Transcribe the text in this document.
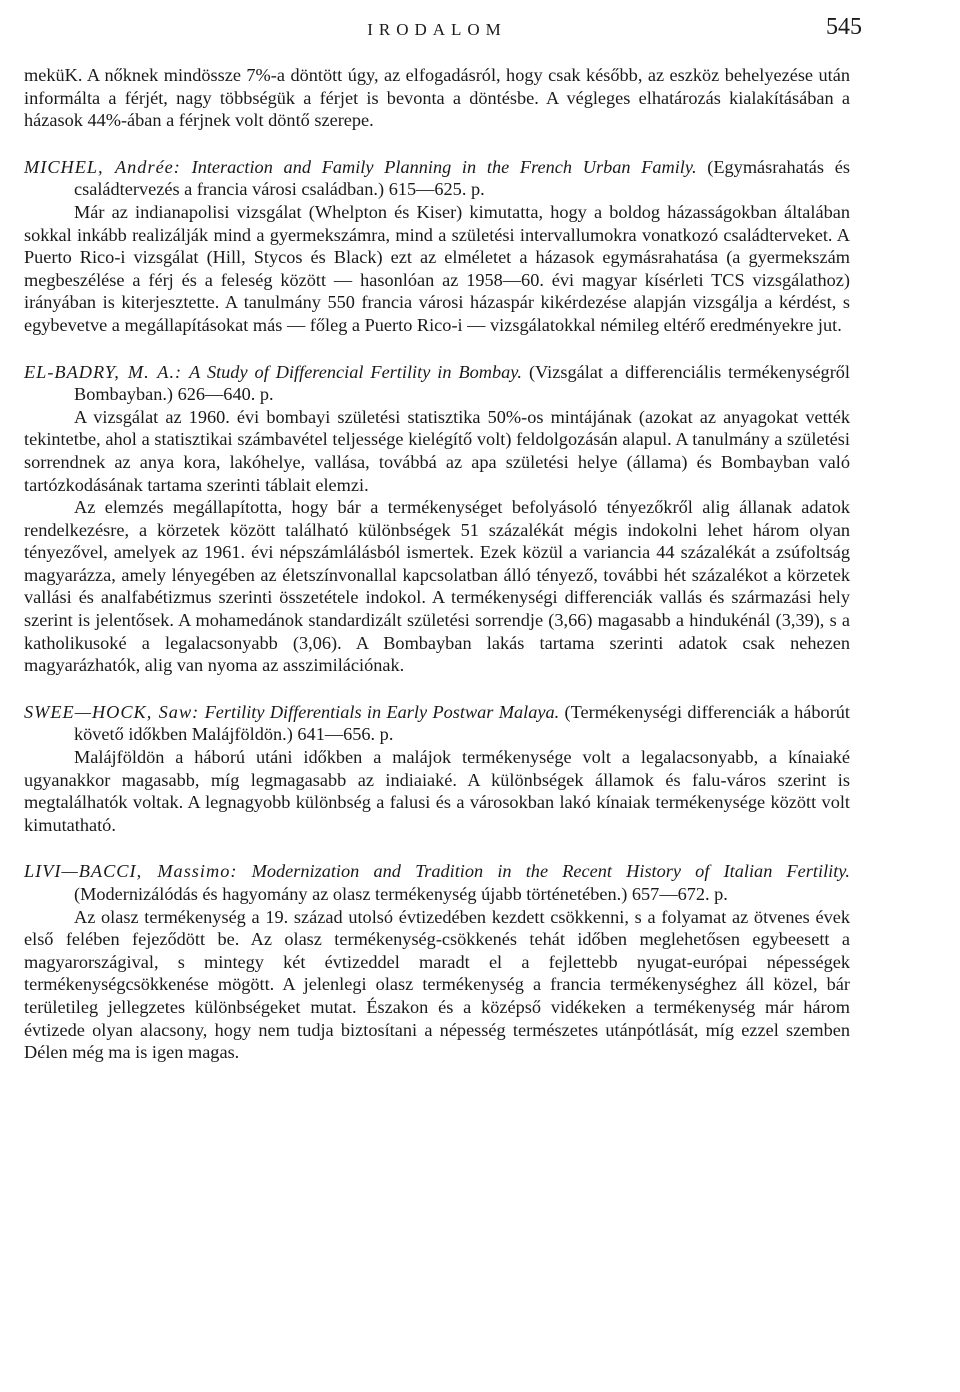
IRODALOM	545

meküK. A nőknek mindössze 7%-a döntött úgy, az elfogadásról, hogy csak később, az eszköz behelyezése után informálta a férjét, nagy többségük a férjet is bevonta a döntésbe. A végleges elhatározás kialakításában a házasok 44%-ában a férjnek volt döntő szerepe.

MICHEL, Andrée: Interaction and Family Planning in the French Urban Family. (Egymásrahatás és családtervezés a francia városi családban.) 615—625. p.

Már az indianapolisi vizsgálat (Whelpton és Kiser) kimutatta, hogy a boldog házasságokban általában sokkal inkább realizálják mind a gyermekszámra, mind a születési intervallumokra vonatkozó családterveket. A Puerto Rico-i vizsgálat (Hill, Stycos és Black) ezt az elméletet a házasok egymásrahatása (a gyermekszám megbeszélése a férj és a feleség között — hasonlóan az 1958—60. évi magyar kísérleti TCS vizsgálathoz) irányában is kiterjesztette. A tanulmány 550 francia városi házaspár kikérdezése alapján vizsgálja a kérdést, s egybevetve a megállapításokat más — főleg a Puerto Rico-i — vizsgálatokkal némileg eltérő eredményekre jut.

EL-BADRY, M. A.: A Study of Differencial Fertility in Bombay. (Vizsgálat a differenciális termékenységről Bombayban.) 626—640. p.

A vizsgálat az 1960. évi bombayi születési statisztika 50%-os mintájának (azokat az anyagokat vették tekintetbe, ahol a statisztikai számbavétel teljessége kielégítő volt) feldolgozásán alapul. A tanulmány a születési sorrendnek az anya kora, lakóhelye, vallása, továbbá az apa születési helye (állama) és Bombayban való tartózkodásának tartama szerinti táblait elemzi.

Az elemzés megállapította, hogy bár a termékenységet befolyásoló tényezőkről alig állanak adatok rendelkezésre, a körzetek között található különbségek 51 százalékát mégis indokolni lehet három olyan tényezővel, amelyek az 1961. évi népszámlálásból ismertek. Ezek közül a variancia 44 százalékát a zsúfoltság magyarázza, amely lényegében az életszínvonallal kapcsolatban álló tényező, további hét százalékot a körzetek vallási és analfabétizmus szerinti összetétele indokol. A termékenységi differenciák vallás és származási hely szerint is jelentősek. A mohamedánok standardizált születési sorrendje (3,66) magasabb a hindukénál (3,39), s a katholikusoké a legalacsonyabb (3,06). A Bombayban lakás tartama szerinti adatok csak nehezen magyarázhatók, alig van nyoma az asszimilációnak.

SWEE—HOCK, Saw: Fertility Differentials in Early Postwar Malaya. (Termékenységi differenciák a háborút követő időkben Malájföldön.) 641—656. p.

Malájföldön a háború utáni időkben a malájok termékenysége volt a legalacsonyabb, a kínaiaké ugyanakkor magasabb, míg legmagasabb az indiaiaké. A különbségek államok és falu-város szerint is megtalálhatók voltak. A legnagyobb különbség a falusi és a városokban lakó kínaiak termékenysége között volt kimutatható.

LIVI—BACCI, Massimo: Modernization and Tradition in the Recent History of Italian Fertility. (Modernizálódás és hagyomány az olasz termékenység újabb történetében.) 657—672. p.

Az olasz termékenység a 19. század utolsó évtizedében kezdett csökkenni, s a folyamat az ötvenes évek első felében fejeződött be. Az olasz termékenység-csökkenés tehát időben meglehetősen egybeesett a magyarországival, s mintegy két évtizeddel maradt el a fejlettebb nyugat-európai népességek termékenységcsökkenése mögött. A jelenlegi olasz termékenység a francia termékenységhez áll közel, bár területileg jellegzetes különbségeket mutat. Északon és a középső vidékeken a termékenység már három évtizede olyan alacsony, hogy nem tudja biztosítani a népesség természetes utánpótlását, míg ezzel szemben Délen még ma is igen magas.
